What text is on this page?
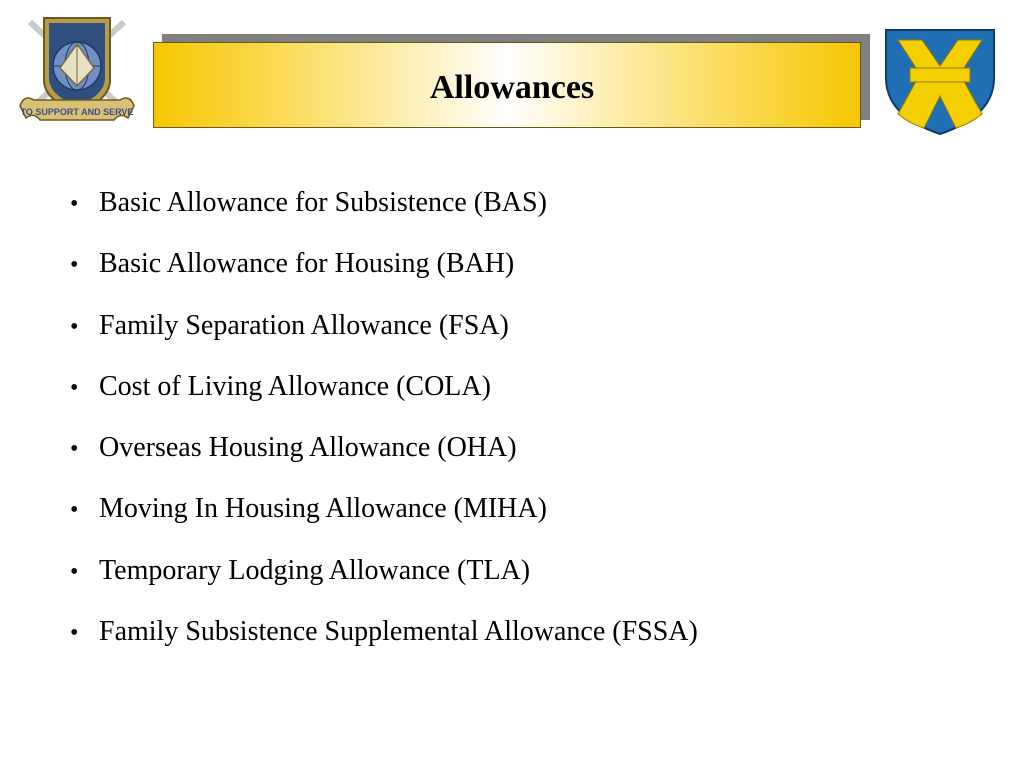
TO SUPPORT AND SERVE
Allowances
• Basic Allowance for Subsistence (BAS)
• Basic Allowance for Housing (BAH)
• Family Separation Allowance (FSA)
• Cost of Living Allowance (COLA)
• Overseas Housing Allowance (OHA)
• Moving In Housing Allowance (MIHA)
• Temporary Lodging Allowance (TLA)
• Family Subsistence Supplemental Allowance (FSSA)
